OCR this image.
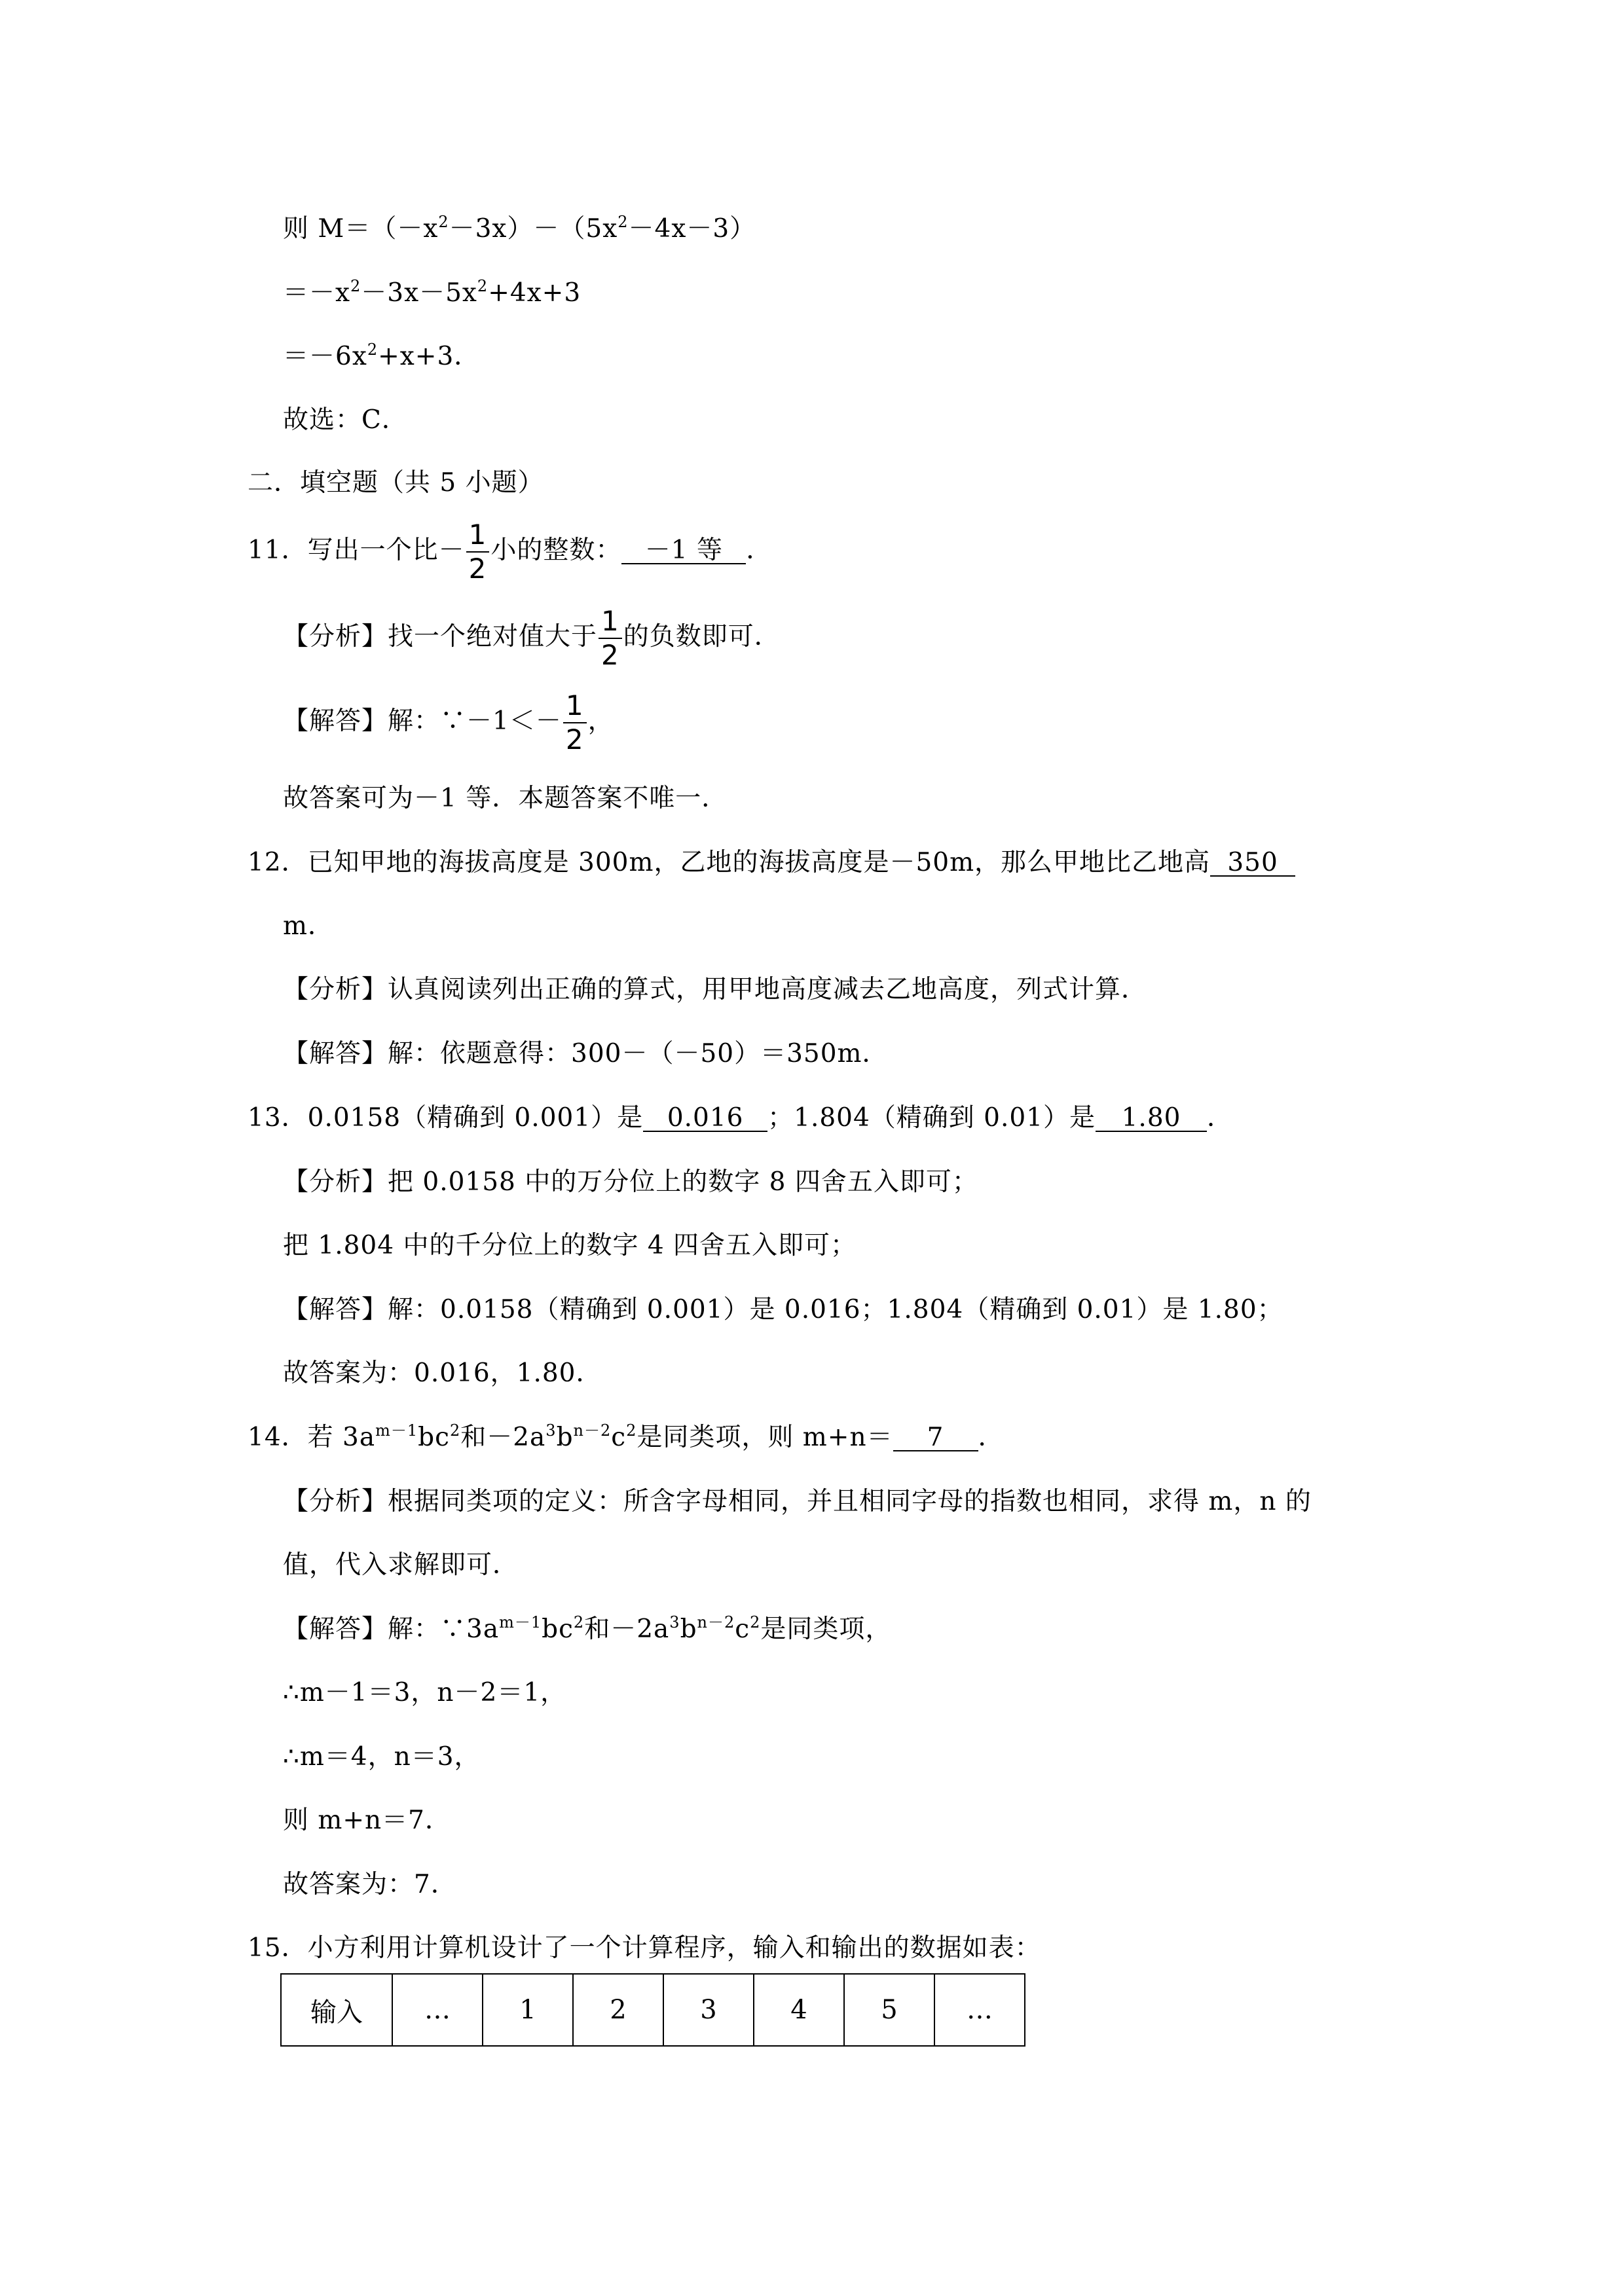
则 $M=(-x^2-3x)-(5x^2-4x-3)$
$=-x^2-3x-5x^2+4x+3$
$=-6x^2+x+3$．
故选：C．
二．填空题（共 5 小题）
11．写出一个比－ $\frac{1}{2}$ 小的整数： －1 等 ．
【分析】找一个绝对值大于 $\frac{1}{2}$ 的负数即可．
【解答】解：∵－1＜－ $\frac{1}{2}$ ，
故答案可为－1 等．本题答案不唯一．
12．已知甲地的海拔高度是 300m，乙地的海拔高度是－50m，那么甲地比乙地高 350
m．
【分析】认真阅读列出正确的算式，用甲地高度减去乙地高度，列式计算．
【解答】解：依题意得：300－（－50）＝350m．
13．0.0158（精确到 0.001）是 0.016 ；1.804（精确到 0.01）是 1.80 ．
【分析】把 0.0158 中的万分位上的数字 8 四舍五入即可；
把 1.804 中的千分位上的数字 4 四舍五入即可；
【解答】解：0.0158（精确到 0.001）是 0.016；1.804（精确到 0.01）是 1.80；
故答案为：0.016，1.80．
14．若 $3a^{m-1}bc^2$和$-2a^3b^{n-2}c^2$是同类项，则 m+n＝ 7 ．
【分析】根据同类项的定义：所含字母相同，并且相同字母的指数也相同，求得 m，n 的
值，代入求解即可．
【解答】解：$\because 3a^{m-1}bc^2$和$-2a^3b^{n-2}c^2$是同类项，
∴m－1＝3，n－2＝1，
∴m＝4，n＝3，
则 m+n＝7．
故答案为：7．
15．小方利用计算机设计了一个计算程序，输入和输出的数据如表：
输入	…	1	2	3	4	5	…
